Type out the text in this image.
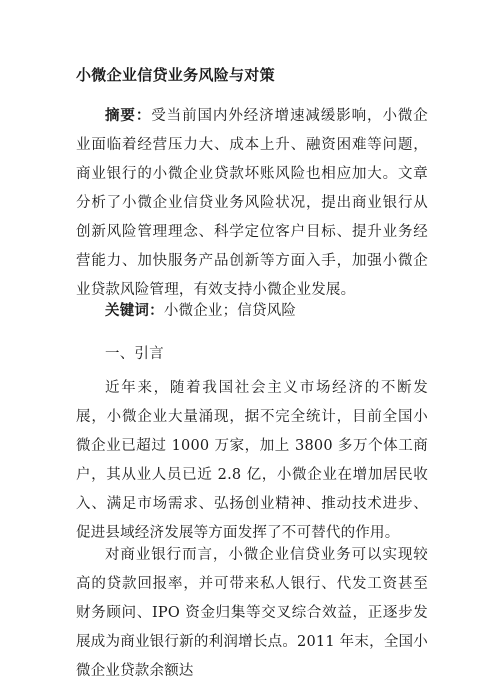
小微企业信贷业务风险与对策
摘要：受当前国内外经济增速减缓影响，小微企业面临着经营压力大、成本上升、融资困难等问题，商业银行的小微企业贷款坏账风险也相应加大。文章分析了小微企业信贷业务风险状况，提出商业银行从创新风险管理理念、科学定位客户目标、提升业务经营能力、加快服务产品创新等方面入手，加强小微企业贷款风险管理，有效支持小微企业发展。
关键词：小微企业；信贷风险
一、引言
近年来，随着我国社会主义市场经济的不断发展，小微企业大量涌现，据不完全统计，目前全国小微企业已超过 1000 万家，加上 3800 多万个体工商户，其从业人员已近 2.8 亿，小微企业在增加居民收入、满足市场需求、弘扬创业精神、推动技术进步、促进县域经济发展等方面发挥了不可替代的作用。
对商业银行而言，小微企业信贷业务可以实现较高的贷款回报率，并可带来私人银行、代发工资甚至财务顾问、IPO 资金归集等交叉综合效益，正逐步发展成为商业银行新的利润增长点。2011 年末，全国小微企业贷款余额达
